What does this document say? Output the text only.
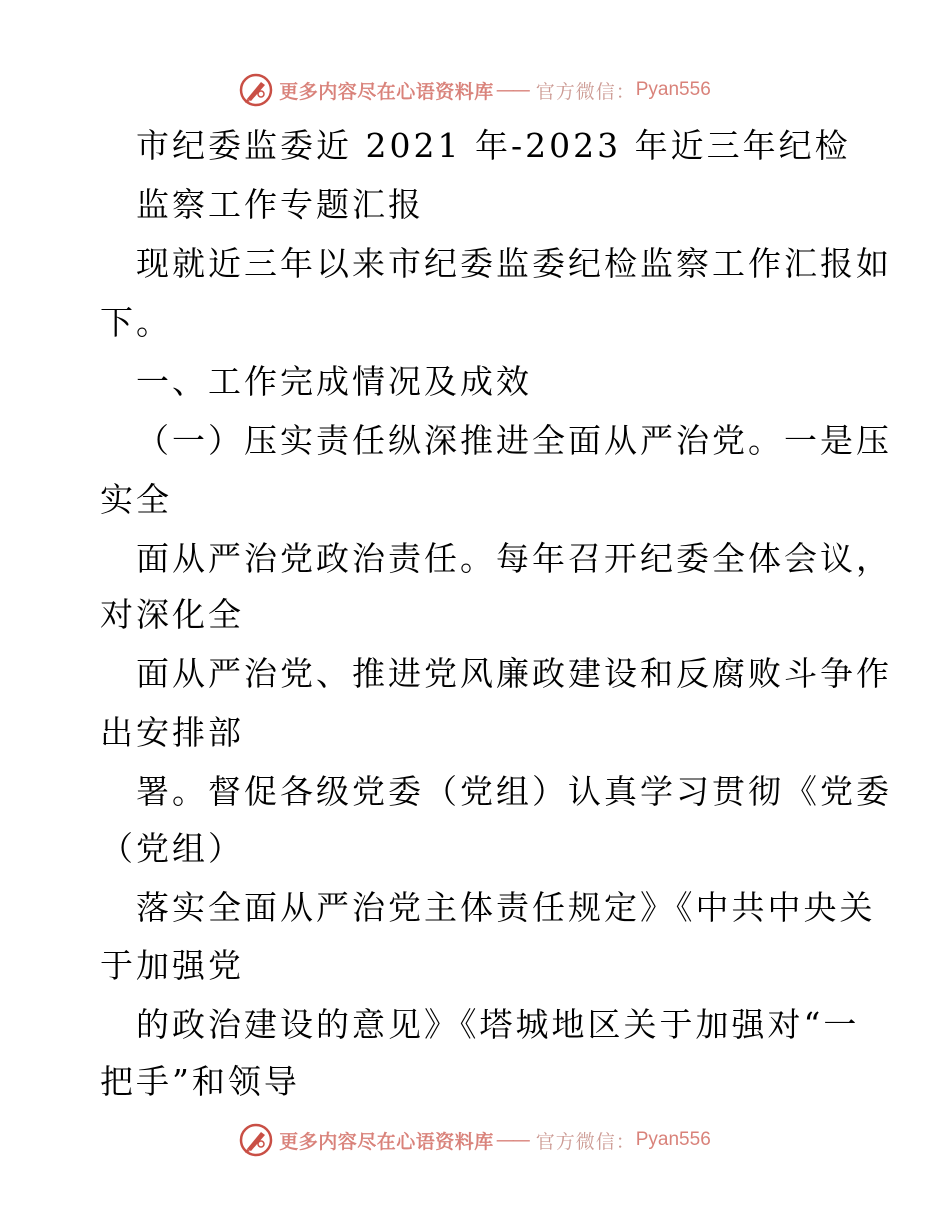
更多内容尽在心语资料库 —— 官方微信： Pyan556
市纪委监委近 2021 年-2023 年近三年纪检
监察工作专题汇报
现就近三年以来市纪委监委纪检监察工作汇报如
下。
一、工作完成情况及成效
（一）压实责任纵深推进全面从严治党。一是压
实全
面从严治党政治责任。每年召开纪委全体会议，
对深化全
面从严治党、推进党风廉政建设和反腐败斗争作
出安排部
署。督促各级党委（党组）认真学习贯彻《党委
（党组）
落实全面从严治党主体责任规定》《中共中央关
于加强党
的政治建设的意见》《塔城地区关于加强对“一
把手”和领导
更多内容尽在心语资料库 —— 官方微信： Pyan556
